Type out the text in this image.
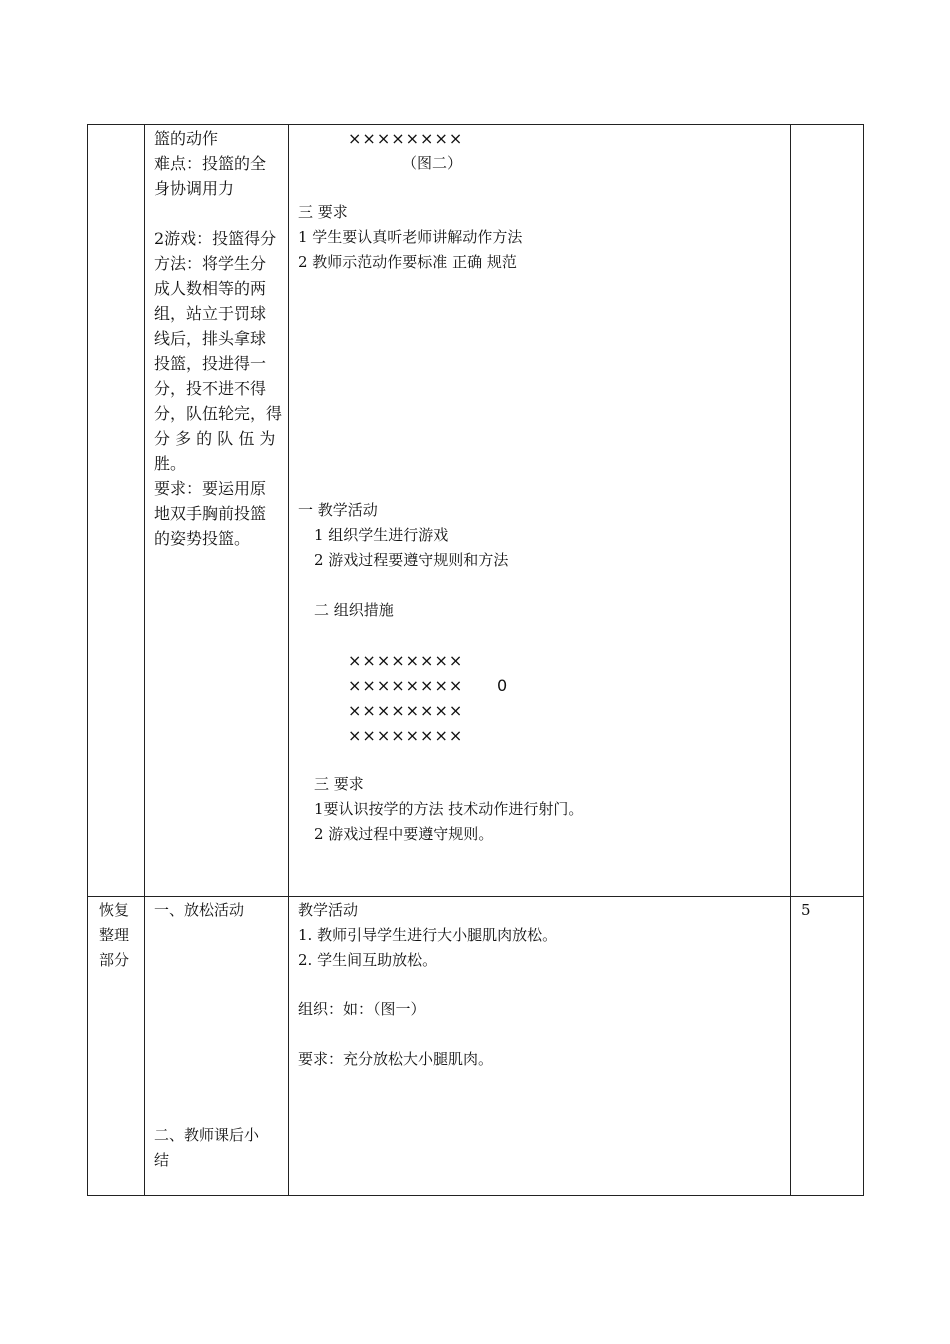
篮的动作
难点：投篮的全
身协调用力
2游戏：投篮得分
方法：将学生分
成人数相等的两
组，站立于罚球
线后，排头拿球
投篮，投进得一
分，投不进不得
分，队伍轮完，得
分 多 的 队 伍 为
胜。
要求：要运用原
地双手胸前投篮
的姿势投篮。
××××××××
（图二）
三 要求
1 学生要认真听老师讲解动作方法
2 教师示范动作要标准 正确 规范
一 教学活动
1 组织学生进行游戏
2 游戏过程要遵守规则和方法
二 组织措施
××××××××
×××××××× 0
××××××××
××××××××
三 要求
1要认识按学的方法 技术动作进行射门。
2 游戏过程中要遵守规则。
恢复
整理
部分
一、放松活动
二、教师课后小
结
教学活动
1. 教师引导学生进行大小腿肌肉放松。
2. 学生间互助放松。
组织：如：（图一）
要求：充分放松大小腿肌肉。
5
